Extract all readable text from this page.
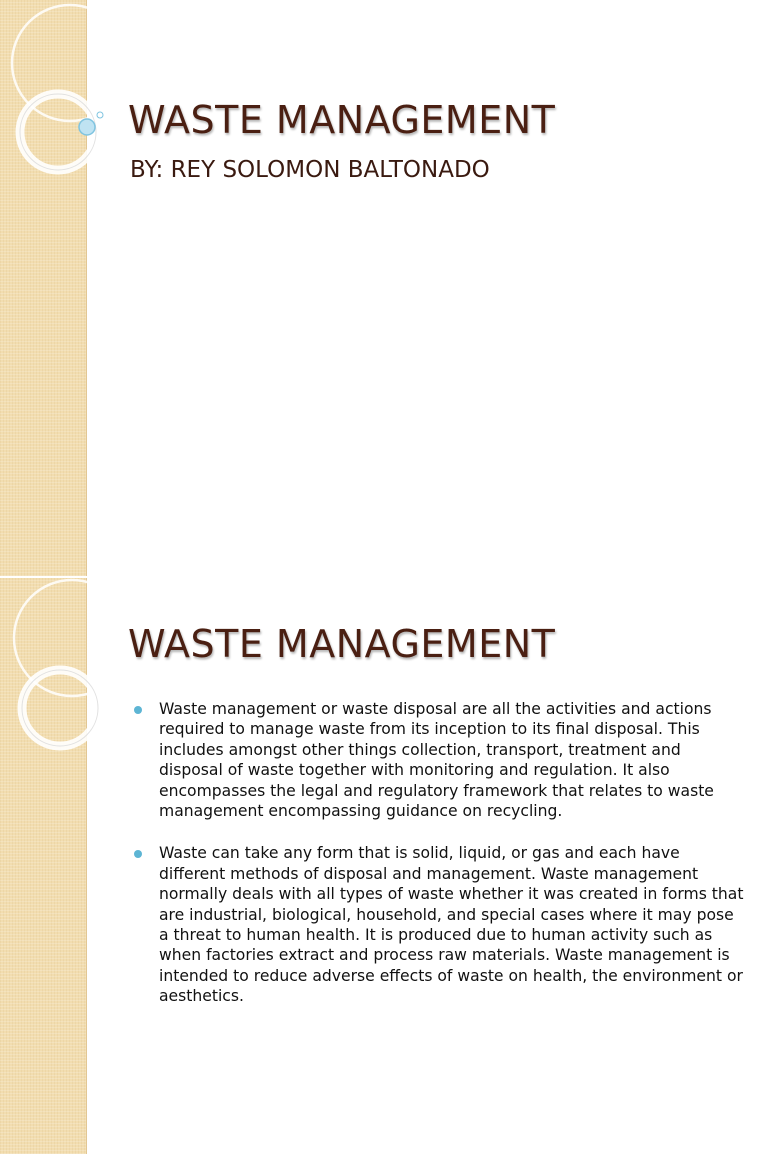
WASTE MANAGEMENT

BY: REY SOLOMON BALTONADO

WASTE MANAGEMENT

Waste management or waste disposal are all the activities and actions required to manage waste from its inception to its final disposal. This includes amongst other things collection, transport, treatment and disposal of waste together with monitoring and regulation. It also encompasses the legal and regulatory framework that relates to waste management encompassing guidance on recycling.

Waste can take any form that is solid, liquid, or gas and each have different methods of disposal and management. Waste management normally deals with all types of waste whether it was created in forms that are industrial, biological, household, and special cases where it may pose a threat to human health. It is produced due to human activity such as when factories extract and process raw materials. Waste management is intended to reduce adverse effects of waste on health, the environment or aesthetics.
